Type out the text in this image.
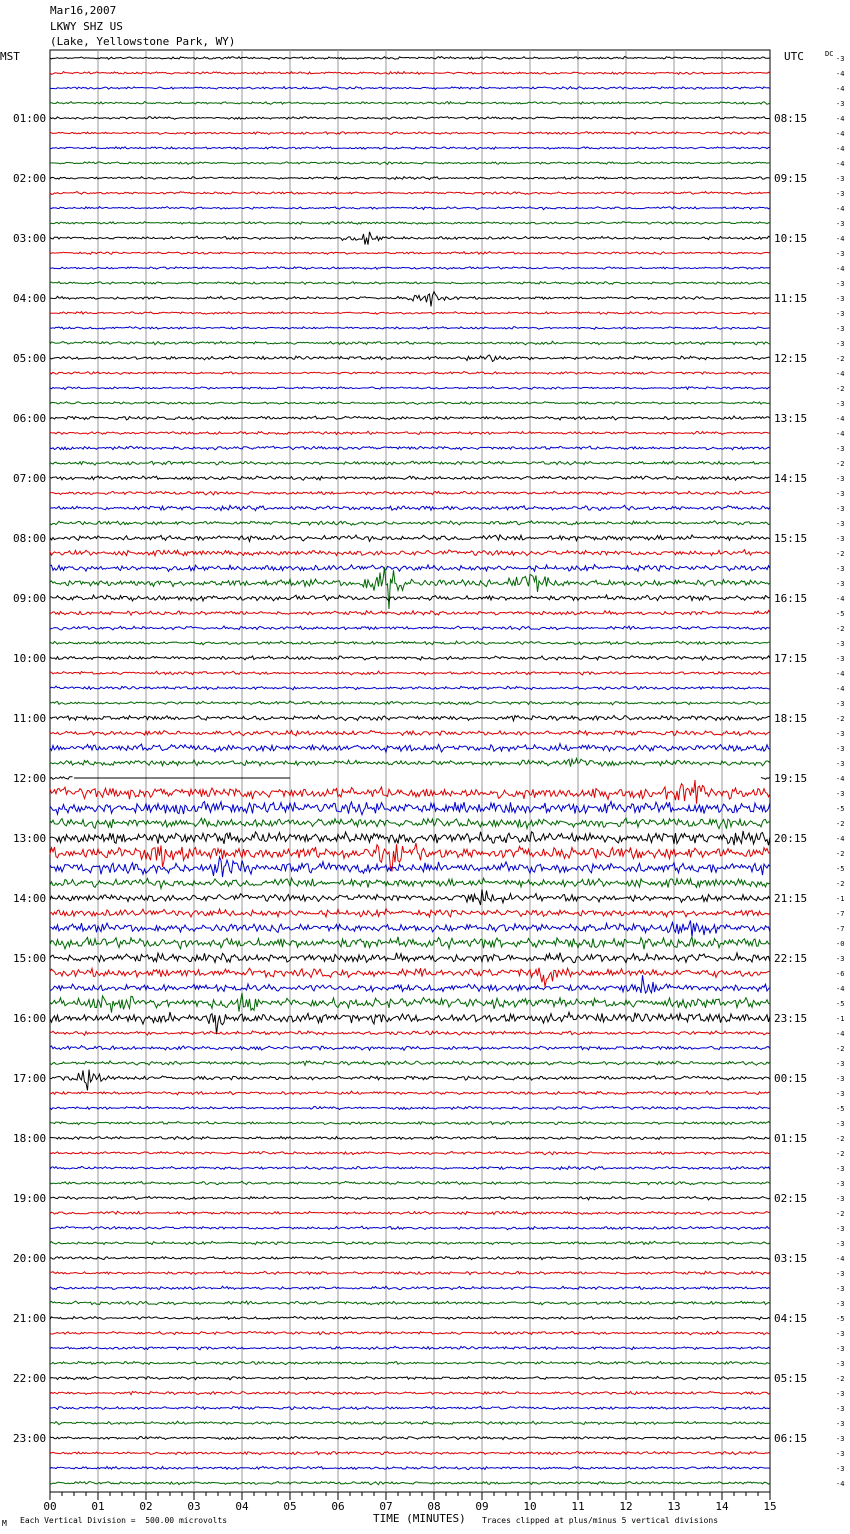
Mar16,2007
LKWY SHZ US
(Lake, Yellowstone Park, WY)
00	01	02	03	04	05	06	07	08	09	10	11	12	13	14	15
MST	UTC	DC
-3
-4
-4
-3
-4
01:00	08:15
-4
-4
-4
-3
02:00	09:15
-3
-4
-3
-4
03:00	10:15
-3
-4
-3
-3
04:00	11:15
-3
-3
-3
-2
05:00	12:15
-4
-2
-3
-4
06:00	13:15
-4
-3
-2
-3
07:00	14:15
-3
-3
-3
-3
08:00	15:15
-2
-3
-3
-4
09:00	16:15
-5
-2
-3
-3
10:00	17:15
-4
-4
-3
-2
11:00	18:15
-3
-3
-3
-4
12:00	19:15
-3
-5
-2
-4
13:00	20:15
-2
-5
-2
-1
14:00	21:15
-7
-7
-0
-3
15:00	22:15
-6
-4
-5
-1
16:00	23:15
-4
-2
-3
-3
17:00	00:15
-3
-5
-3
-2
18:00	01:15
-2
-3
-3
-3
19:00	02:15
-2
-3
-3
-4
20:00	03:15
-3
-3
-3
-5
21:00	04:15
-3
-3
-3
-2
22:00	05:15
-3
-3
-3
-3
23:00	06:15
-3
-3
-4
M Each Vertical Division =  500.00 microvolts	TIME (MINUTES) Traces clipped at plus/minus 5 vertical divisions
